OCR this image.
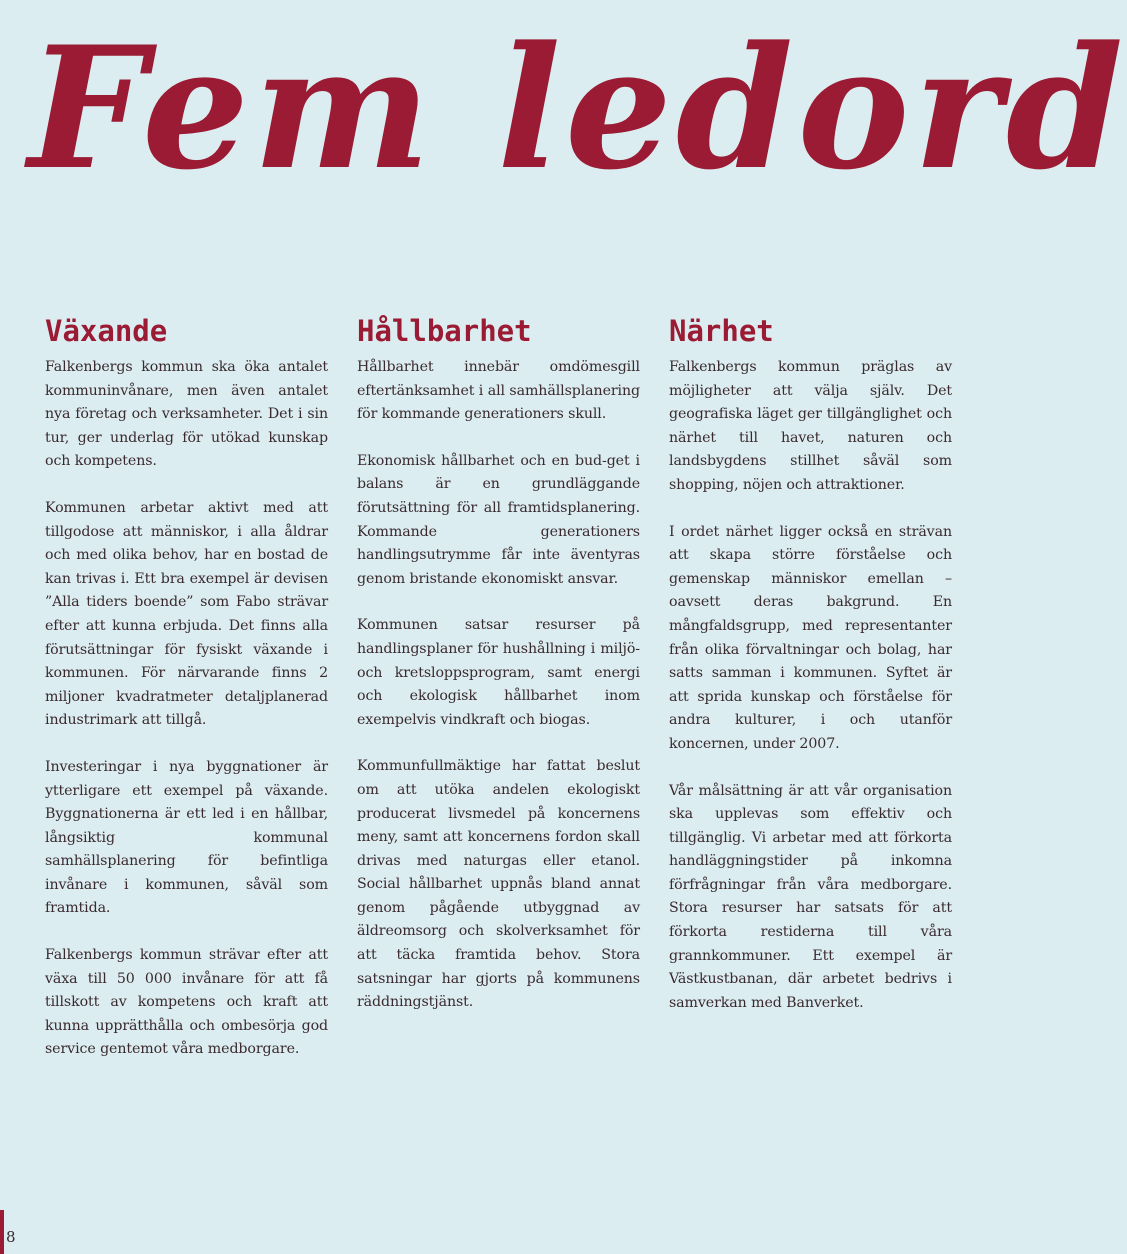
Fem ledord
Växande

Falkenbergs kommun ska öka antalet kommuninvånare, men även antalet nya företag och verksamheter. Det i sin tur, ger underlag för utökad kunskap och kompetens.

Kommunen arbetar aktivt med att tillgodose att människor, i alla åldrar och med olika behov, har en bostad de kan trivas i. Ett bra exempel är devisen ”Alla tiders boende” som Fabo strävar efter att kunna erbjuda. Det finns alla förutsättningar för fysiskt växande i kommunen. För närvarande finns 2 miljoner kvadratmeter detaljplanerad industrimark att tillgå.

Investeringar i nya byggnationer är ytterligare ett exempel på växande. Byggnationerna är ett led i en hållbar, långsiktig kommunal samhällsplanering för befintliga invånare i kommunen, såväl som framtida.

Falkenbergs kommun strävar efter att växa till 50 000 invånare för att få tillskott av kompetens och kraft att kunna upprätthålla och ombesörja god service gentemot våra medborgare.

Hållbarhet

Hållbarhet innebär omdömesgill eftertänksamhet i all samhällsplanering för kommande generationers skull.

Ekonomisk hållbarhet och en bud-get i balans är en grundläggande förutsättning för all framtidsplanering. Kommande generationers handlingsutrymme får inte äventyras genom bristande ekonomiskt ansvar.

Kommunen satsar resurser på handlingsplaner för hushållning i miljö- och kretsloppsprogram, samt energi och ekologisk hållbarhet inom exempelvis vindkraft och biogas.

Kommunfullmäktige har fattat beslut om att utöka andelen ekologiskt producerat livsmedel på koncernens meny, samt att koncernens fordon skall drivas med naturgas eller etanol. Social hållbarhet uppnås bland annat genom pågående utbyggnad av äldreomsorg och skolverksamhet för att täcka framtida behov. Stora satsningar har gjorts på kommunens räddningstjänst.

Närhet

Falkenbergs kommun präglas av möjligheter att välja själv. Det geografiska läget ger tillgänglighet och närhet till havet, naturen och landsbygdens stillhet såväl som shopping, nöjen och attraktioner.

I ordet närhet ligger också en strävan att skapa större förståelse och gemenskap människor emellan – oavsett deras bakgrund. En mångfaldsgrupp, med representanter från olika förvaltningar och bolag, har satts samman i kommunen. Syftet är att sprida kunskap och förståelse för andra kulturer, i och utanför koncernen, under 2007.

Vår målsättning är att vår organisation ska upplevas som effektiv och tillgänglig. Vi arbetar med att förkorta handläggningstider på inkomna förfrågningar från våra medborgare. Stora resurser har satsats för att förkorta restiderna till våra grannkommuner. Ett exempel är Västkustbanan, där arbetet bedrivs i samverkan med Banverket.

8
